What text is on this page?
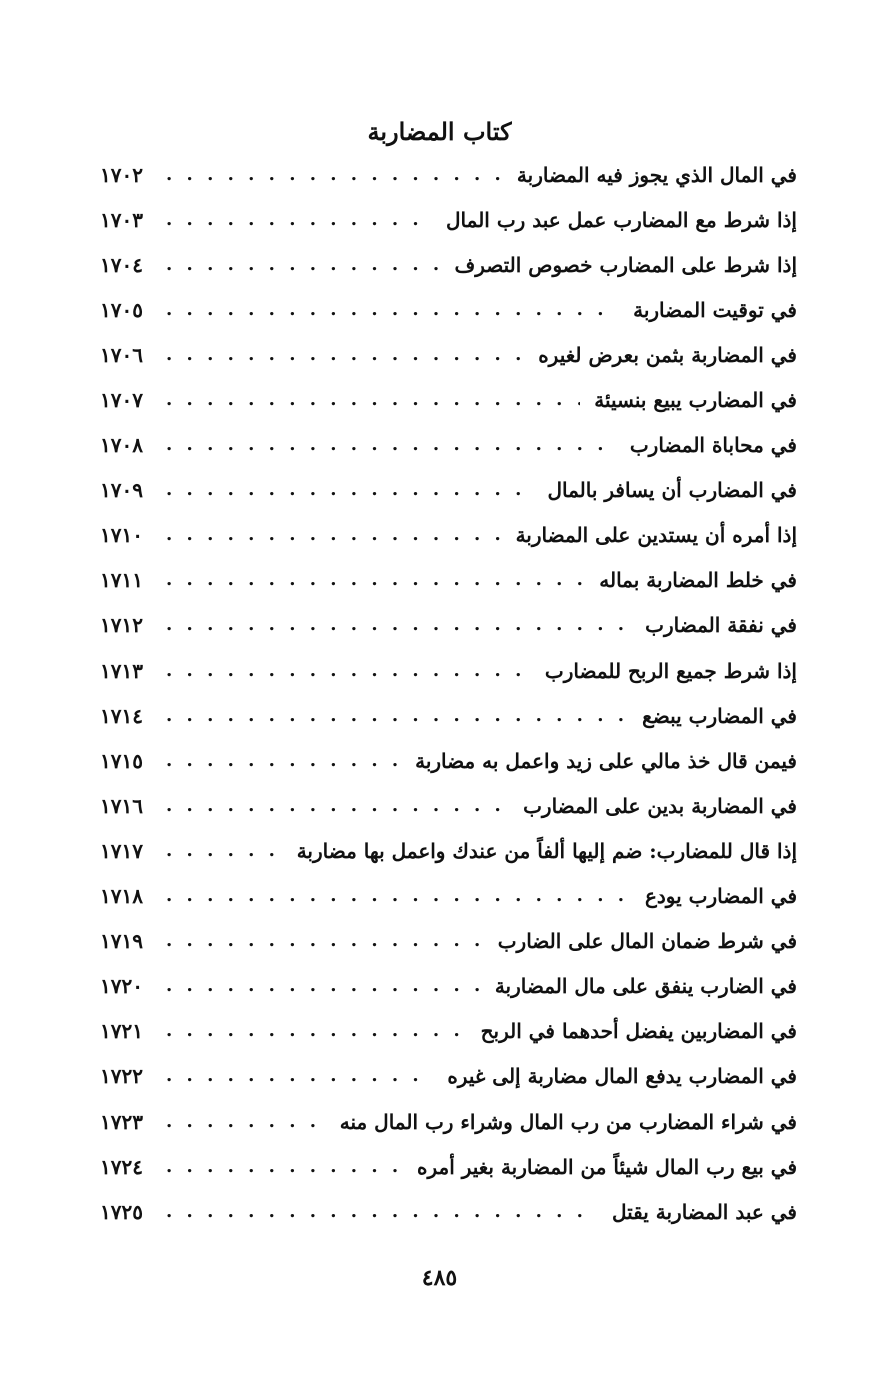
كتاب المضاربة
في المال الذي يجوز فيه المضاربة
. . .
١٧٠٢
إذا شرط مع المضارب عمل عبد رب المال
. . .
١٧٠٣
إذا شرط على المضارب خصوص التصرف
. . .
١٧٠٤
في توقيت المضاربة
. . .
١٧٠٥
في المضاربة بثمن بعرض لغيره
. . .
١٧٠٦
في المضارب يبيع بنسيئة
. . .
١٧٠٧
في محاباة المضارب
. . .
١٧٠٨
في المضارب أن يسافر بالمال
. . .
١٧٠٩
إذا أمره أن يستدين على المضاربة
. . .
١٧١٠
في خلط المضاربة بماله
. . .
١٧١١
في نفقة المضارب
. . .
١٧١٢
إذا شرط جميع الربح للمضارب
. . .
١٧١٣
في المضارب يبضع
. . .
١٧١٤
فيمن قال خذ مالي على زيد واعمل به مضاربة
. . .
١٧١٥
في المضاربة بدين على المضارب
. . .
١٧١٦
إذا قال للمضارب: ضم إليها ألفاً من عندك واعمل بها مضاربة
. . .
١٧١٧
في المضارب يودع
. . .
١٧١٨
في شرط ضمان المال على الضارب
. . .
١٧١٩
في الضارب ينفق على مال المضاربة
. . .
١٧٢٠
في المضاربين يفضل أحدهما في الربح
. . .
١٧٢١
في المضارب يدفع المال مضاربة إلى غيره
. . .
١٧٢٢
في شراء المضارب من رب المال وشراء رب المال منه
. . .
١٧٢٣
في بيع رب المال شيئاً من المضاربة بغير أمره
. . .
١٧٢٤
في عبد المضاربة يقتل
. . .
١٧٢٥
٤٨٥
